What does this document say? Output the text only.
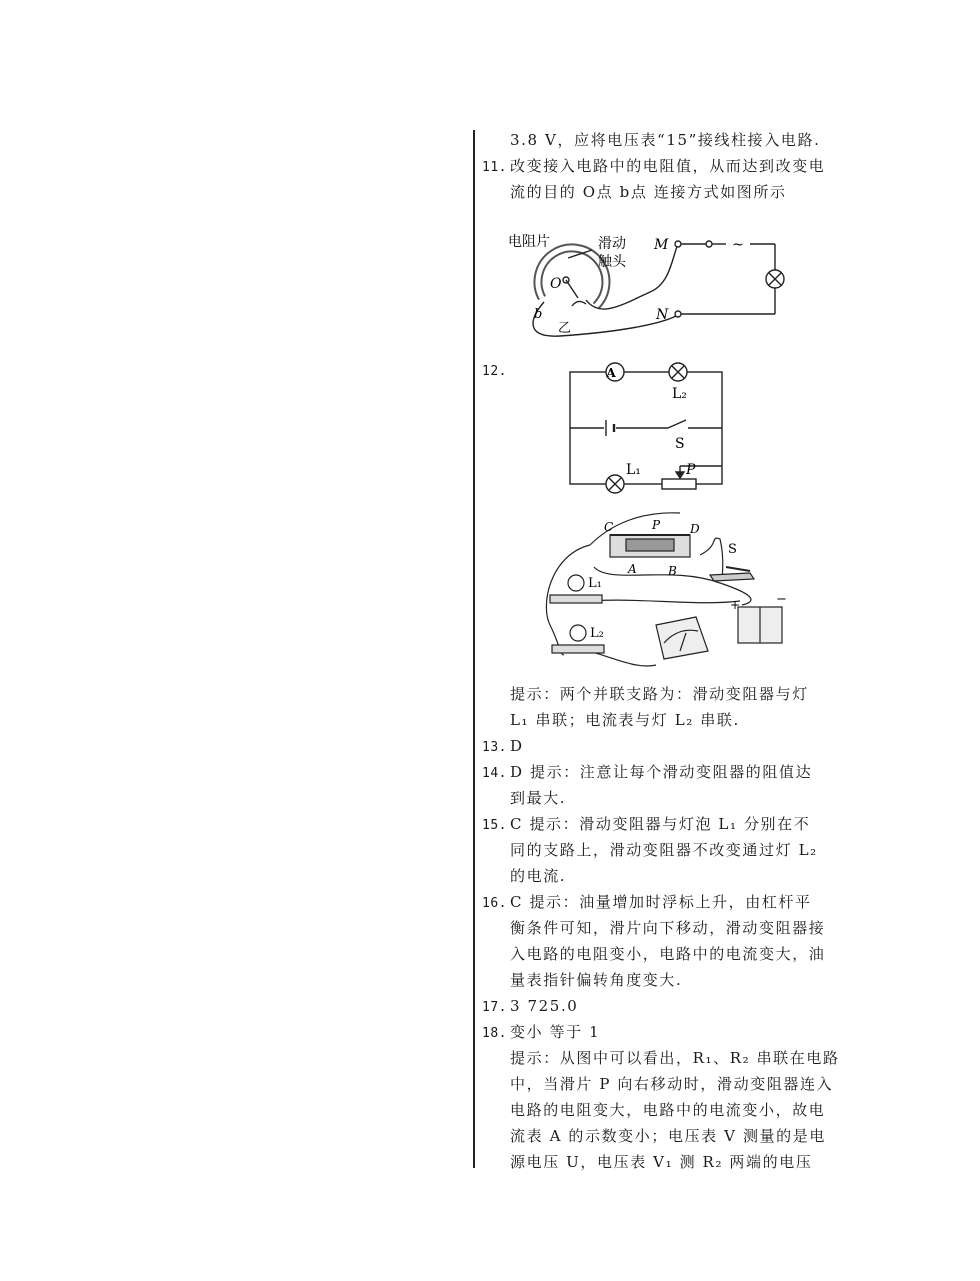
3.8 V，应将电压表“15”接线柱接入电路.
11. 改变接入电路中的电阻值，从而达到改变电
流的目的 O点 b点 连接方式如图所示
电阻片	滑动
触头
O
b
乙
M
N
~
12.	A
L₂
S
L₁	P
C	P D
A	B
S
L₁
L₂
+	−
提示：两个并联支路为：滑动变阻器与灯
L₁ 串联；电流表与灯 L₂ 串联.
13. D
14. D 提示：注意让每个滑动变阻器的阻值达
到最大.
15. C 提示：滑动变阻器与灯泡 L₁ 分别在不
同的支路上，滑动变阻器不改变通过灯 L₂
的电流.
16. C 提示：油量增加时浮标上升，由杠杆平
衡条件可知，滑片向下移动，滑动变阻器接
入电路的电阻变小，电路中的电流变大，油
量表指针偏转角度变大.
17. 3 725.0
18. 变小 等于 1
提示：从图中可以看出，R₁、R₂ 串联在电路
中，当滑片 P 向右移动时，滑动变阻器连入
电路的电阻变大，电路中的电流变小，故电
流表 A 的示数变小；电压表 V 测量的是电
源电压 U，电压表 V₁ 测 R₂ 两端的电压
